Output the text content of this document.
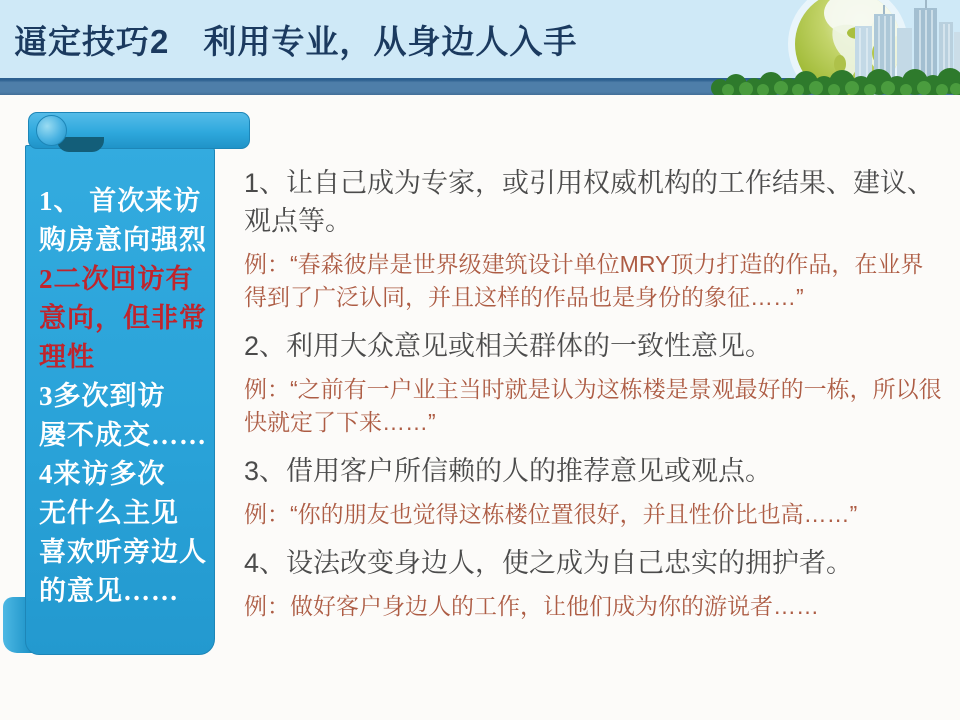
逼定技巧2　利用专业，从身边人入手
1、 首次来访
购房意向强烈
2二次回访有
意向，但非常
理性
3多次到访
屡不成交……
4来访多次
无什么主见
喜欢听旁边人
的意见……

1、让自己成为专家，或引用权威机构的工作结果、建议、观点等。

例：“春森彼岸是世界级建筑设计单位MRY顶力打造的作品，在业界得到了广泛认同，并且这样的作品也是身份的象征……”

2、利用大众意见或相关群体的一致性意见。

例：“之前有一户业主当时就是认为这栋楼是景观最好的一栋，所以很快就定了下来……”

3、借用客户所信赖的人的推荐意见或观点。

例：“你的朋友也觉得这栋楼位置很好，并且性价比也高……”

4、设法改变身边人，使之成为自己忠实的拥护者。

例：做好客户身边人的工作，让他们成为你的游说者……
